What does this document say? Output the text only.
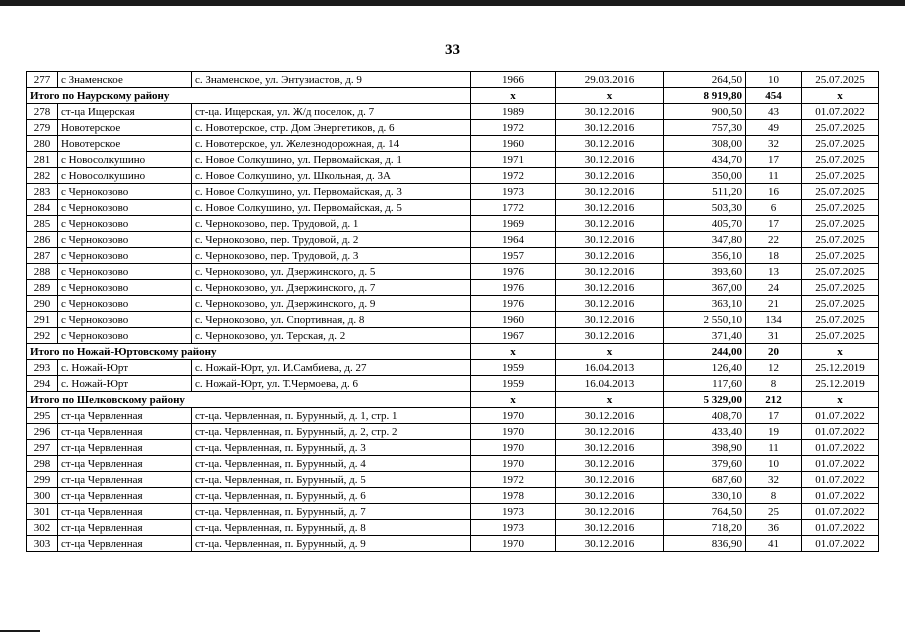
33
277	с Знаменское	с. Знаменское, ул. Энтузиастов, д. 9	1966	29.03.2016	264,50	10	25.07.2025
Итого по Наурскому району			x	x	8 919,80	454	x
278	ст-ца Ищерская	ст-ца. Ищерская, ул. Ж/д поселок, д. 7	1989	30.12.2016	900,50	43	01.07.2022
279	Новотерское	с. Новотерское, стр. Дом Энергетиков, д. 6	1972	30.12.2016	757,30	49	25.07.2025
280	Новотерское	с. Новотерское, ул. Железнодорожная, д. 14	1960	30.12.2016	308,00	32	25.07.2025
281	с Новосолкушино	с. Новое Солкушино, ул. Первомайская, д. 1	1971	30.12.2016	434,70	17	25.07.2025
282	с Новосолкушино	с. Новое Солкушино, ул. Школьная, д. 3А	1972	30.12.2016	350,00	11	25.07.2025
283	с Чернокозово	с. Новое Солкушино, ул. Первомайская, д. 3	1973	30.12.2016	511,20	16	25.07.2025
284	с Чернокозово	с. Новое Солкушино, ул. Первомайская, д. 5	1772	30.12.2016	503,30	6	25.07.2025
285	с Чернокозово	с. Чернокозово, пер. Трудовой, д. 1	1969	30.12.2016	405,70	17	25.07.2025
286	с Чернокозово	с. Чернокозово, пер. Трудовой, д. 2	1964	30.12.2016	347,80	22	25.07.2025
287	с Чернокозово	с. Чернокозово, пер. Трудовой, д. 3	1957	30.12.2016	356,10	18	25.07.2025
288	с Чернокозово	с. Чернокозово, ул. Дзержинского, д. 5	1976	30.12.2016	393,60	13	25.07.2025
289	с Чернокозово	с. Чернокозово, ул. Дзержинского, д. 7	1976	30.12.2016	367,00	24	25.07.2025
290	с Чернокозово	с. Чернокозово, ул. Дзержинского, д. 9	1976	30.12.2016	363,10	21	25.07.2025
291	с Чернокозово	с. Чернокозово, ул. Спортивная, д. 8	1960	30.12.2016	2 550,10	134	25.07.2025
292	с Чернокозово	с. Чернокозово, ул. Терская, д. 2	1967	30.12.2016	371,40	31	25.07.2025
Итого по Ножай-Юртовскому району			x	x	244,00	20	x
293	с. Ножай-Юрт	с. Ножай-Юрт, ул. И.Самбиева, д. 27	1959	16.04.2013	126,40	12	25.12.2019
294	с. Ножай-Юрт	с. Ножай-Юрт, ул. Т.Чермоева, д. 6	1959	16.04.2013	117,60	8	25.12.2019
Итого по Шелковскому району			x	x	5 329,00	212	x
295	ст-ца Червленная	ст-ца. Червленная, п. Бурунный, д. 1, стр. 1	1970	30.12.2016	408,70	17	01.07.2022
296	ст-ца Червленная	ст-ца. Червленная, п. Бурунный, д. 2, стр. 2	1970	30.12.2016	433,40	19	01.07.2022
297	ст-ца Червленная	ст-ца. Червленная, п. Бурунный, д. 3	1970	30.12.2016	398,90	11	01.07.2022
298	ст-ца Червленная	ст-ца. Червленная, п. Бурунный, д. 4	1970	30.12.2016	379,60	10	01.07.2022
299	ст-ца Червленная	ст-ца. Червленная, п. Бурунный, д. 5	1972	30.12.2016	687,60	32	01.07.2022
300	ст-ца Червленная	ст-ца. Червленная, п. Бурунный, д. 6	1978	30.12.2016	330,10	8	01.07.2022
301	ст-ца Червленная	ст-ца. Червленная, п. Бурунный, д. 7	1973	30.12.2016	764,50	25	01.07.2022
302	ст-ца Червленная	ст-ца. Червленная, п. Бурунный, д. 8	1973	30.12.2016	718,20	36	01.07.2022
303	ст-ца Червленная	ст-ца. Червленная, п. Бурунный, д. 9	1970	30.12.2016	836,90	41	01.07.2022
